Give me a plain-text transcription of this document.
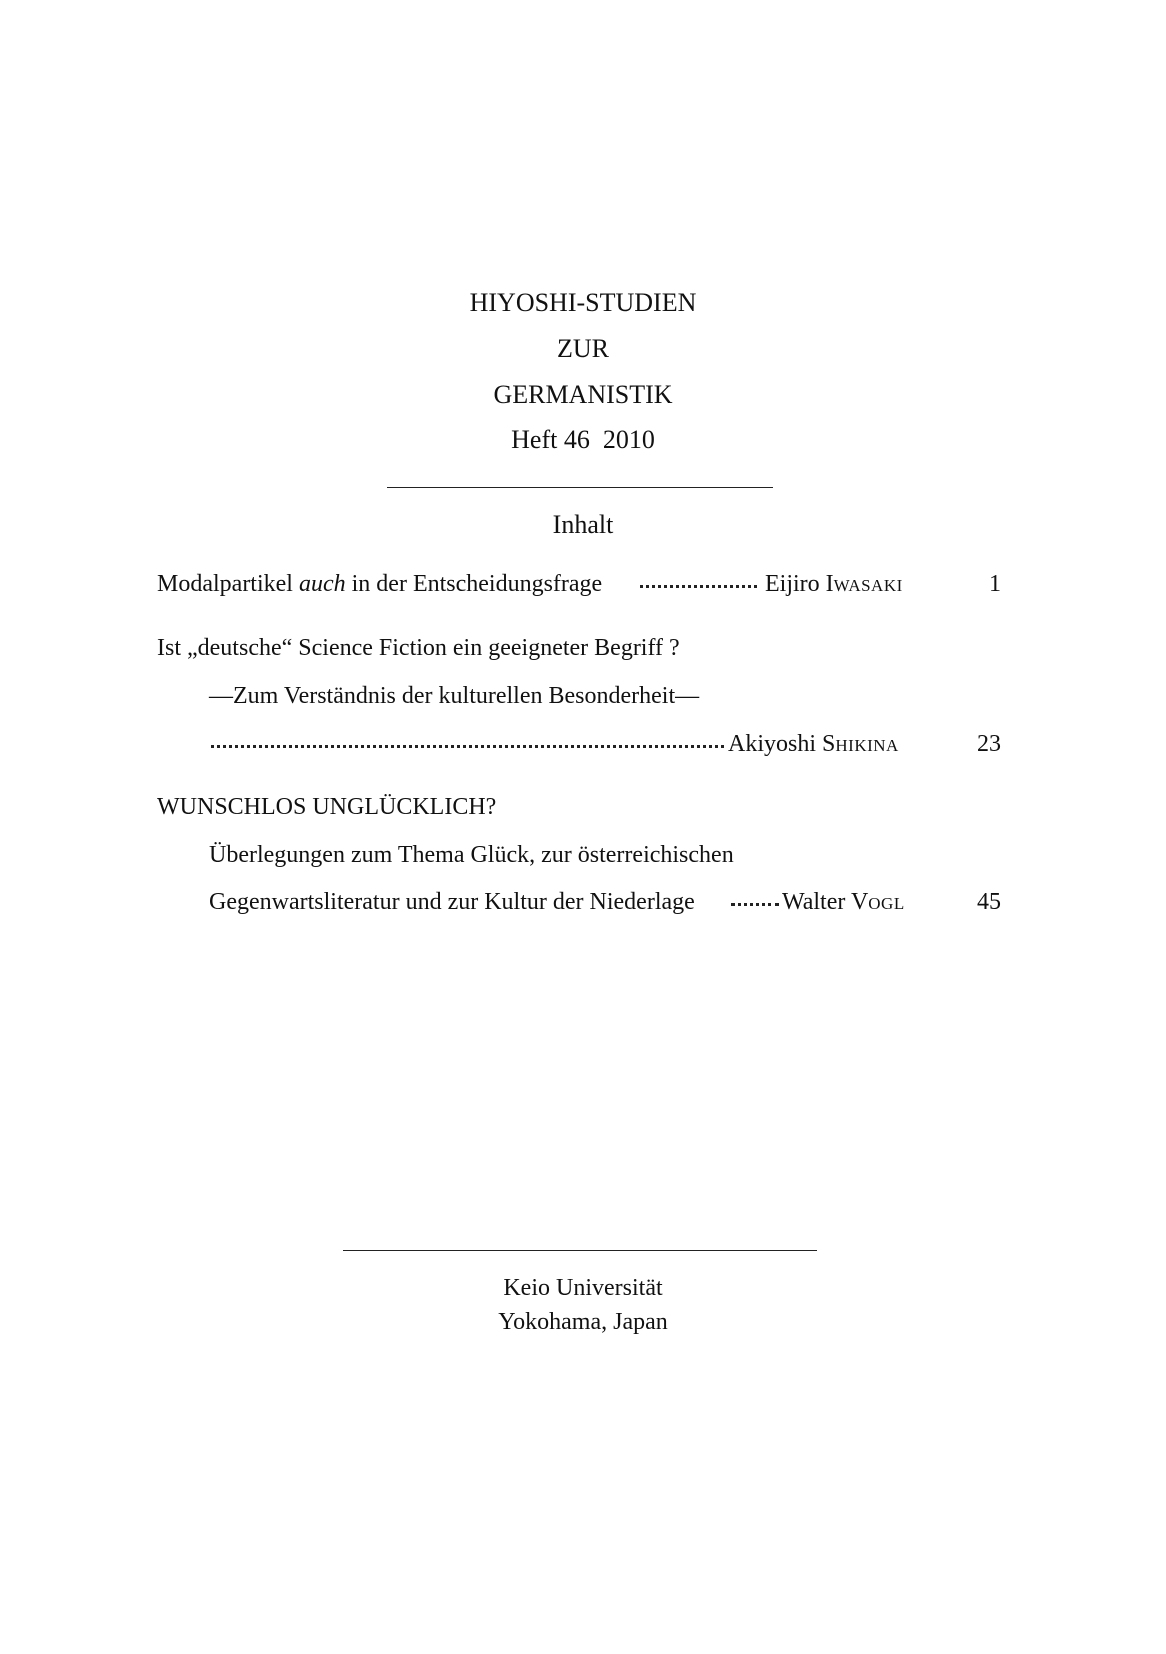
HIYOSHI-STUDIEN
ZUR
GERMANISTIK
Heft 46  2010
Inhalt
Modalpartikel auch in der Entscheidungsfrage	Eijiro IWASAKI	1
Ist „deutsche“ Science Fiction ein geeigneter Begriff ?
—Zum Verständnis der kulturellen Besonderheit—
Akiyoshi SHIKINA	23
WUNSCHLOS UNGLÜCKLICH?
Überlegungen zum Thema Glück, zur österreichischen
Gegenwartsliteratur und zur Kultur der Niederlage	Walter VOGL	45
Keio Universität
Yokohama, Japan
